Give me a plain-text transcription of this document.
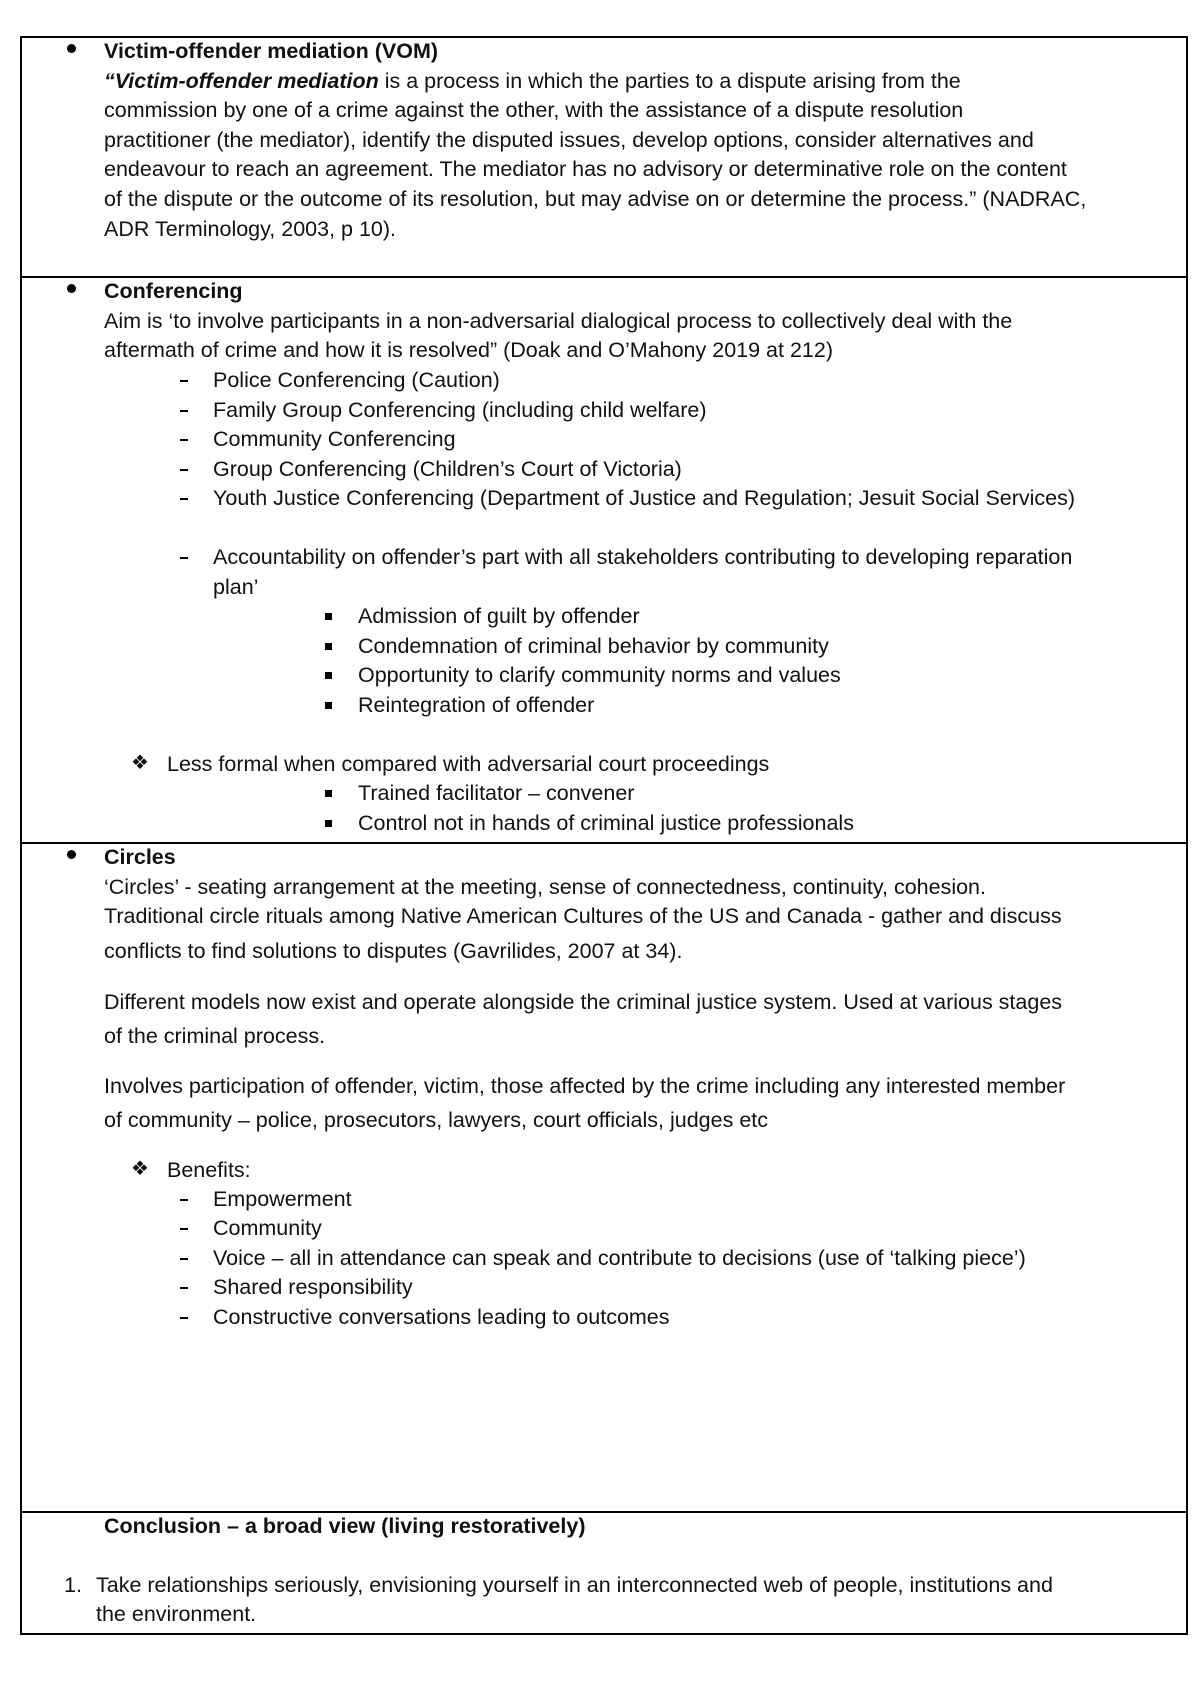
Victim-offender mediation (VOM)
“Victim-offender mediation is a process in which the parties to a dispute arising from the
commission by one of a crime against the other, with the assistance of a dispute resolution
practitioner (the mediator), identify the disputed issues, develop options, consider alternatives and
endeavour to reach an agreement. The mediator has no advisory or determinative role on the content
of the dispute or the outcome of its resolution, but may advise on or determine the process.” (NADRAC,
ADR Terminology, 2003, p 10).
Conferencing
Aim is ‘to involve participants in a non-adversarial dialogical process to collectively deal with the
aftermath of crime and how it is resolved” (Doak and O’Mahony 2019 at 212)
Police Conferencing (Caution)
Family Group Conferencing (including child welfare)
Community Conferencing
Group Conferencing (Children’s Court of Victoria)
Youth Justice Conferencing (Department of Justice and Regulation; Jesuit Social Services)
Accountability on offender’s part with all stakeholders contributing to developing reparation
plan’
Admission of guilt by offender
Condemnation of criminal behavior by community
Opportunity to clarify community norms and values
Reintegration of offender
❖ Less formal when compared with adversarial court proceedings
Trained facilitator – convener
Control not in hands of criminal justice professionals
Circles
‘Circles’ - seating arrangement at the meeting, sense of connectedness, continuity, cohesion.
Traditional circle rituals among Native American Cultures of the US and Canada - gather and discuss
conflicts to find solutions to disputes (Gavrilides, 2007 at 34).
Different models now exist and operate alongside the criminal justice system. Used at various stages
of the criminal process.
Involves participation of offender, victim, those affected by the crime including any interested member
of community – police, prosecutors, lawyers, court officials, judges etc
❖ Benefits:
Empowerment
Community
Voice – all in attendance can speak and contribute to decisions (use of ‘talking piece’)
Shared responsibility
Constructive conversations leading to outcomes
Conclusion – a broad view (living restoratively)
1. Take relationships seriously, envisioning yourself in an interconnected web of people, institutions and
the environment.
